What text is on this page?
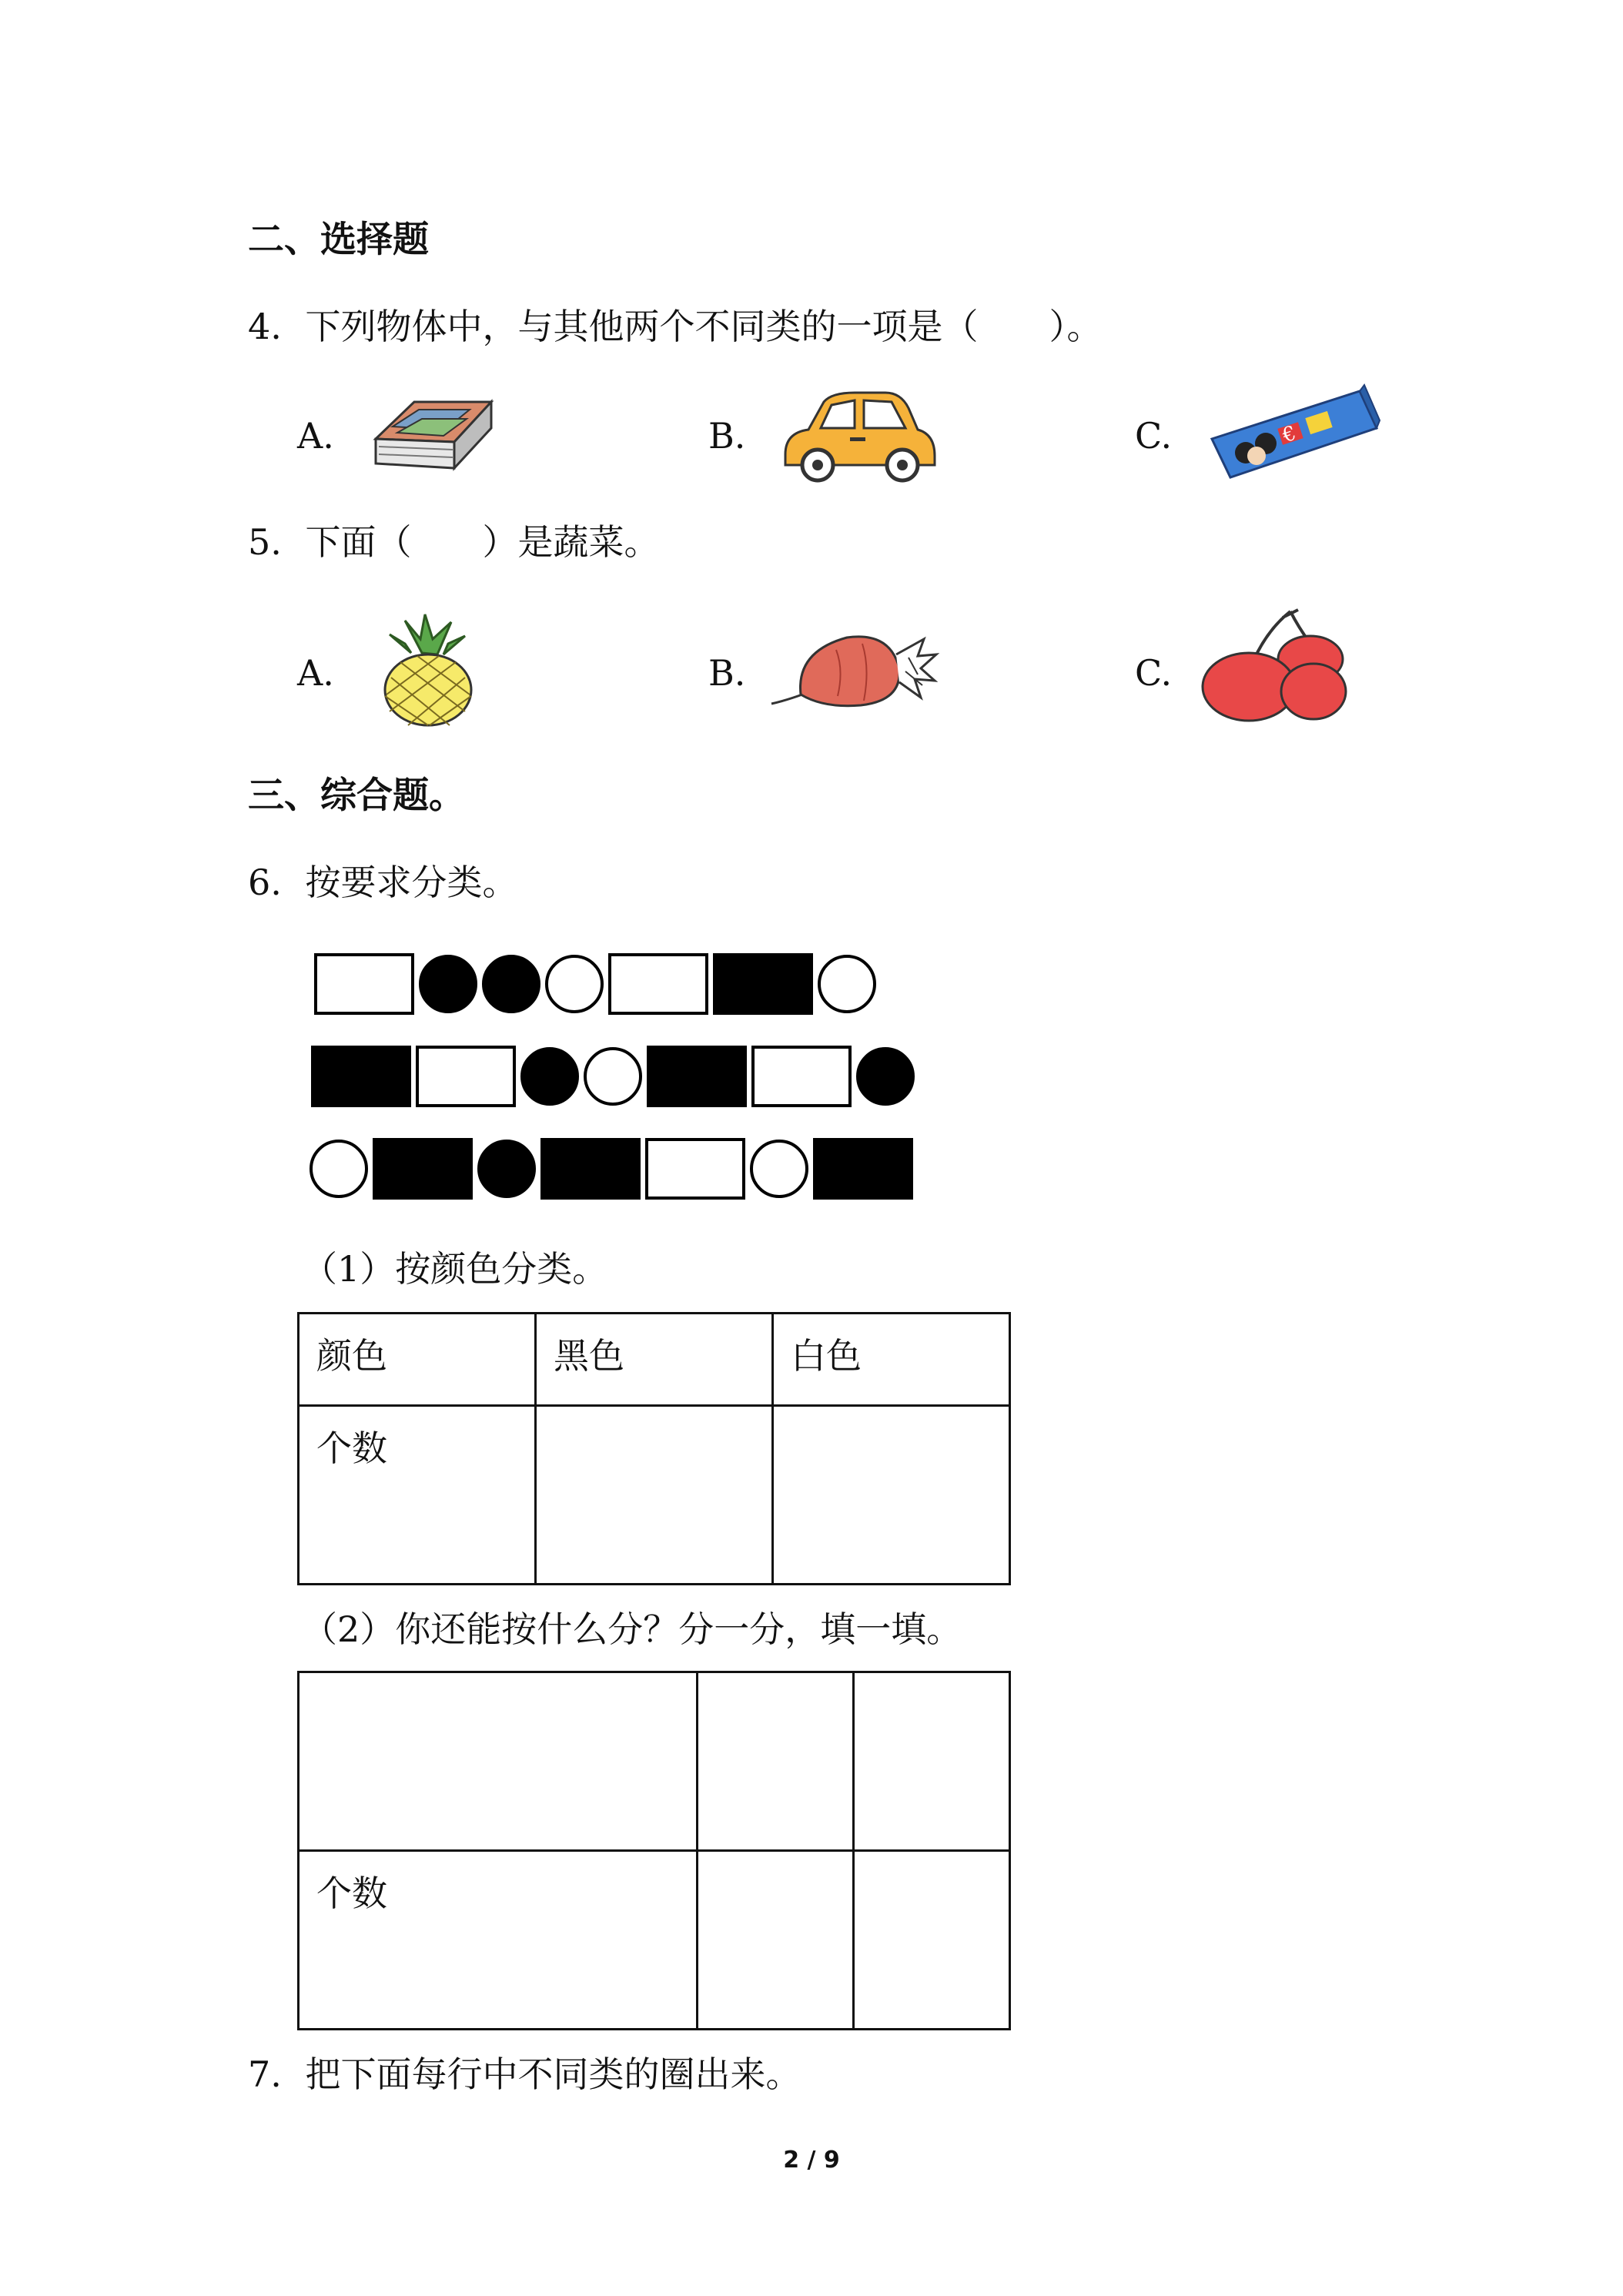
二、选择题
4. 下列物体中，与其他两个不同类的一项是（　　）。
A.	B.	C.	€
5. 下面（　　）是蔬菜。
A.	B.	C.
三、综合题。
6. 按要求分类。
（1）按颜色分类。
颜色	黑色	白色
个数		
（2）你还能按什么分？分一分，填一填。

个数		
7. 把下面每行中不同类的圈出来。
2 / 9
